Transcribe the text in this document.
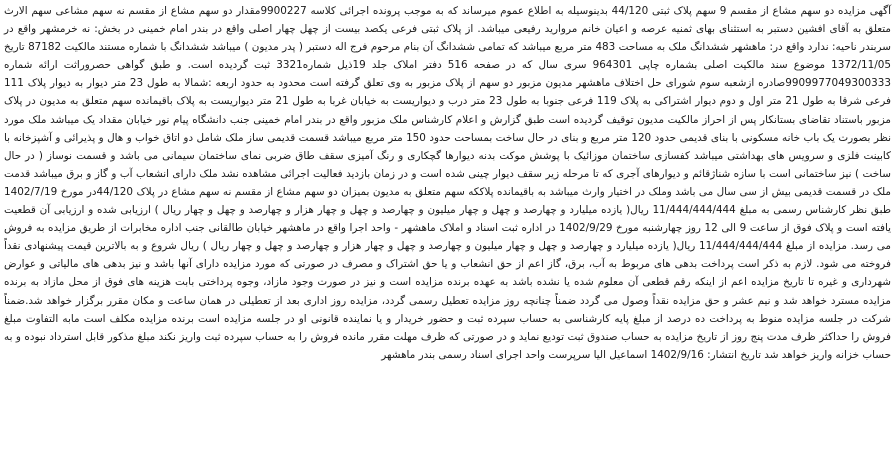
آگهی مزایده دو سهم مشاع از مقسم 9 سهم پلاک ثبتی 44/120 بدینوسیله به اطلاع عموم میرساند که به موجب پرونده اجرائی کلاسه 9900227مقدار دو سهم مشاع از مقسم نه سهم مشاعی سهم الارث متعلق به آقای افشین دستبر به استثنای بهای ثمنیه عرصه و اعیان خانم مروارید رفیعی میباشد. از پلاک ثبتی فرعی یکصد بیست از چهل چهار اصلی واقع در بندر امام خمینی در بخش: نه خرمشهر واقع در سربندر ناحیه: ندارد واقع در: ماهشهر ششدانگ ملک به مساحت 483 متر مربع میباشد که تمامی ششدانگ آن بنام مرحوم فرج اله دستبر ( پدر مدیون ) میباشد ششدانگ با شماره مستند مالکیت 87182 تاریخ 1372/11/05 موضوع سند مالکیت اصلی بشماره چاپی 964301 سری سال که در صفحه 516 دفتر املاک جلد 19ذیل شماره3321 ثبت گردیده است. و طبق گواهی حصروراثت ارائه شماره 9909977049300333صادره ازشعبه سوم شورای حل اختلاف ماهشهر مدیون مزبور دو سهم از پلاک مزبور به وی تعلق گرفته است محدود به حدود اربعه :شمالا به طول 23 متر دیوار به دیوار پلاک 111 فرعی شرقا به طول 21 متر اول و دوم دیوار اشتراکی به پلاک 119 فرعی جنوبا به طول 23 متر درب و دیواریست به خیابان غربا به طول 21 متر دیواریست به پلاک باقیمانده سهم متعلق به مدیون در پلاک مزبور باستناد تقاضای بستانکار پس از احراز مالکیت مدیون توقیف گردیده است طبق گزارش و اعلام کارشناس ملک مزبور واقع در بندر امام خمینی جنب دانشگاه پیام نور خیابان مقداد یک میباشد ملک مورد نظر بصورت یک باب خانه مسکونی با بنای قدیمی حدود 120 متر مربع و بنای در حال ساخت بمساحت حدود 150 متر مربع میباشد قسمت قدیمی ساز ملک شامل دو اتاق خواب و هال و پذیرائی و آشپزخانه با کابینت فلزی و سرویس های بهداشتی میباشد کفسازی ساختمان موزائیک با پوشش موکت بدنه دیوارها گچکاری و رنگ آمیزی سقف طاق ضربی نمای ساختمان سیمانی می باشد و قسمت نوساز ( در حال ساخت ) نیز ساختمانی است با سازه شناژقائم و دیوارهای آجری که تا مرحله زیر سقف دیوار چینی شده است و در زمان بازدید فعالیت اجرائی مشاهده نشد ملک دارای انشعاب آب و گاز و برق میباشد قدمت ملک در قسمت قدیمی بیش از سی سال می باشد وملک در اختیار وارث میباشد به باقیمانده پلاککه سهم متعلق به مدیون بمیزان دو سهم مشاع از مقسم نه سهم مشاع در پلاک 44/120در مورخ 1402/7/19 طبق نظر کارشناس رسمی به مبلغ 11/444/444/444 ریال( یازده میلیارد و چهارصد و چهل و چهار میلیون و چهارصد و چهل و چهار هزار و چهارصد و چهل و چهار ریال ) ارزیابی شده و ارزیابی آن قطعیت یافته است و پلاک فوق از ساعت 9 الی 12 روز چهارشنبه مورخ 1402/9/29 در اداره ثبت اسناد و املاک ماهشهر - واحد اجرا واقع در ماهشهر خیابان طالقانی جنب اداره مخابرات از طریق مزایده به فروش می رسد. مزایده از مبلغ 11/444/444/444 ریال( یازده میلیارد و چهارصد و چهل و چهار میلیون و چهارصد و چهل و چهار هزار و چهارصد و چهل و چهار ریال ) ریال شروع و به بالاترین قیمت پیشنهادی نقداً فروخته می شود. لازم به ذکر است پرداخت بدهی های مربوط به آب، برق، گاز اعم از حق انشعاب و یا حق اشتراک و مصرف در صورتی که مورد مزایده دارای آنها باشد و نیز بدهی های مالیاتی و عوارض شهرداری و غیره تا تاریخ مزایده اعم از اینکه رقم قطعی آن معلوم شده یا نشده باشد به عهده برنده مزایده است و نیز در صورت وجود مازاد، وجوه پرداختی بابت هزینه های فوق از محل مازاد به برنده مزایده مسترد خواهد شد و نیم عشر و حق مزایده نقداً وصول می گردد ضمناً چنانچه روز مزایده تعطیل رسمی گردد، مزایده روز اداری بعد از تعطیلی در همان ساعت و مکان مقرر برگزار خواهد شد.ضمناً شرکت در جلسه مزایده منوط به پرداخت ده درصد از مبلغ پایه کارشناسی به حساب سپرده ثبت و حضور خریدار و یا نماینده قانونی او در جلسه مزایده است برنده مزایده مکلف است مابه التفاوت مبلغ فروش را حداکثر ظرف مدت پنج روز از تاریخ مزایده به حساب صندوق ثبت تودیع نماید و در صورتی که ظرف مهلت مقرر مانده فروش را به حساب سپرده ثبت واریز نکند مبلغ مذکور قابل استرداد نبوده و به حساب خزانه واریز خواهد شد تاریخ انتشار: 1402/9/16 اسماعیل الیا سرپرست واحد اجرای اسناد رسمی بندر ماهشهر
